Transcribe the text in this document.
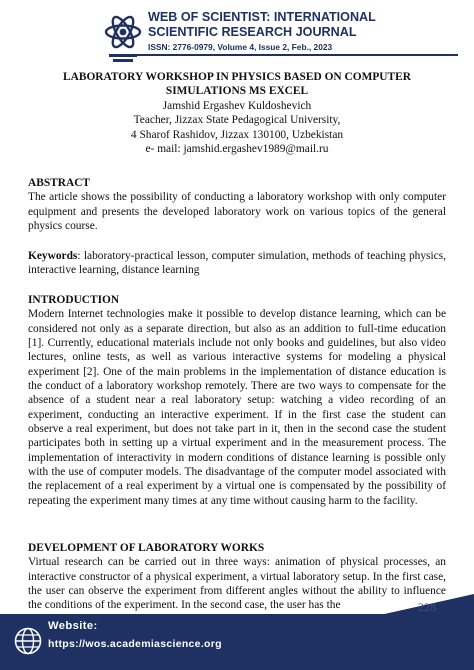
WEB OF SCIENTIST: INTERNATIONAL
SCIENTIFIC RESEARCH JOURNAL
ISSN: 2776-0979, Volume 4, Issue 2, Feb., 2023
LABORATORY WORKSHOP IN PHYSICS BASED ON COMPUTER
SIMULATIONS MS EXCEL
Jamshid Ergashev Kuldoshevich
Teacher, Jizzax State Pedagogical University,
4 Sharof Rashidov, Jizzax 130100, Uzbekistan
e- mail: jamshid.ergashev1989@mail.ru
ABSTRACT
The article shows the possibility of conducting a laboratory workshop with only computer equipment and presents the developed laboratory work on various topics of the general physics course.
Keywords: laboratory-practical lesson, computer simulation, methods of teaching physics, interactive learning, distance learning
INTRODUCTION
Modern Internet technologies make it possible to develop distance learning, which can be considered not only as a separate direction, but also as an addition to full-time education [1]. Currently, educational materials include not only books and guidelines, but also video lectures, online tests, as well as various interactive systems for modeling a physical experiment [2]. One of the main problems in the implementation of distance education is the conduct of a laboratory workshop remotely. There are two ways to compensate for the absence of a student near a real laboratory setup: watching a video recording of an experiment, conducting an interactive experiment. If in the first case the student can observe a real experiment, but does not take part in it, then in the second case the student participates both in setting up a virtual experiment and in the measurement process. The implementation of interactivity in modern conditions of distance learning is possible only with the use of computer models. The disadvantage of the computer model associated with the replacement of a real experiment by a virtual one is compensated by the possibility of repeating the experiment many times at any time without causing harm to the facility.
DEVELOPMENT OF LABORATORY WORKS
Virtual research can be carried out in three ways: animation of physical processes, an interactive constructor of a physical experiment, a virtual laboratory setup. In the first case, the user can observe the experiment from different angles without the ability to influence the conditions of the experiment. In the second case, the user has the
Website:
https://wos.academiascience.org
228
